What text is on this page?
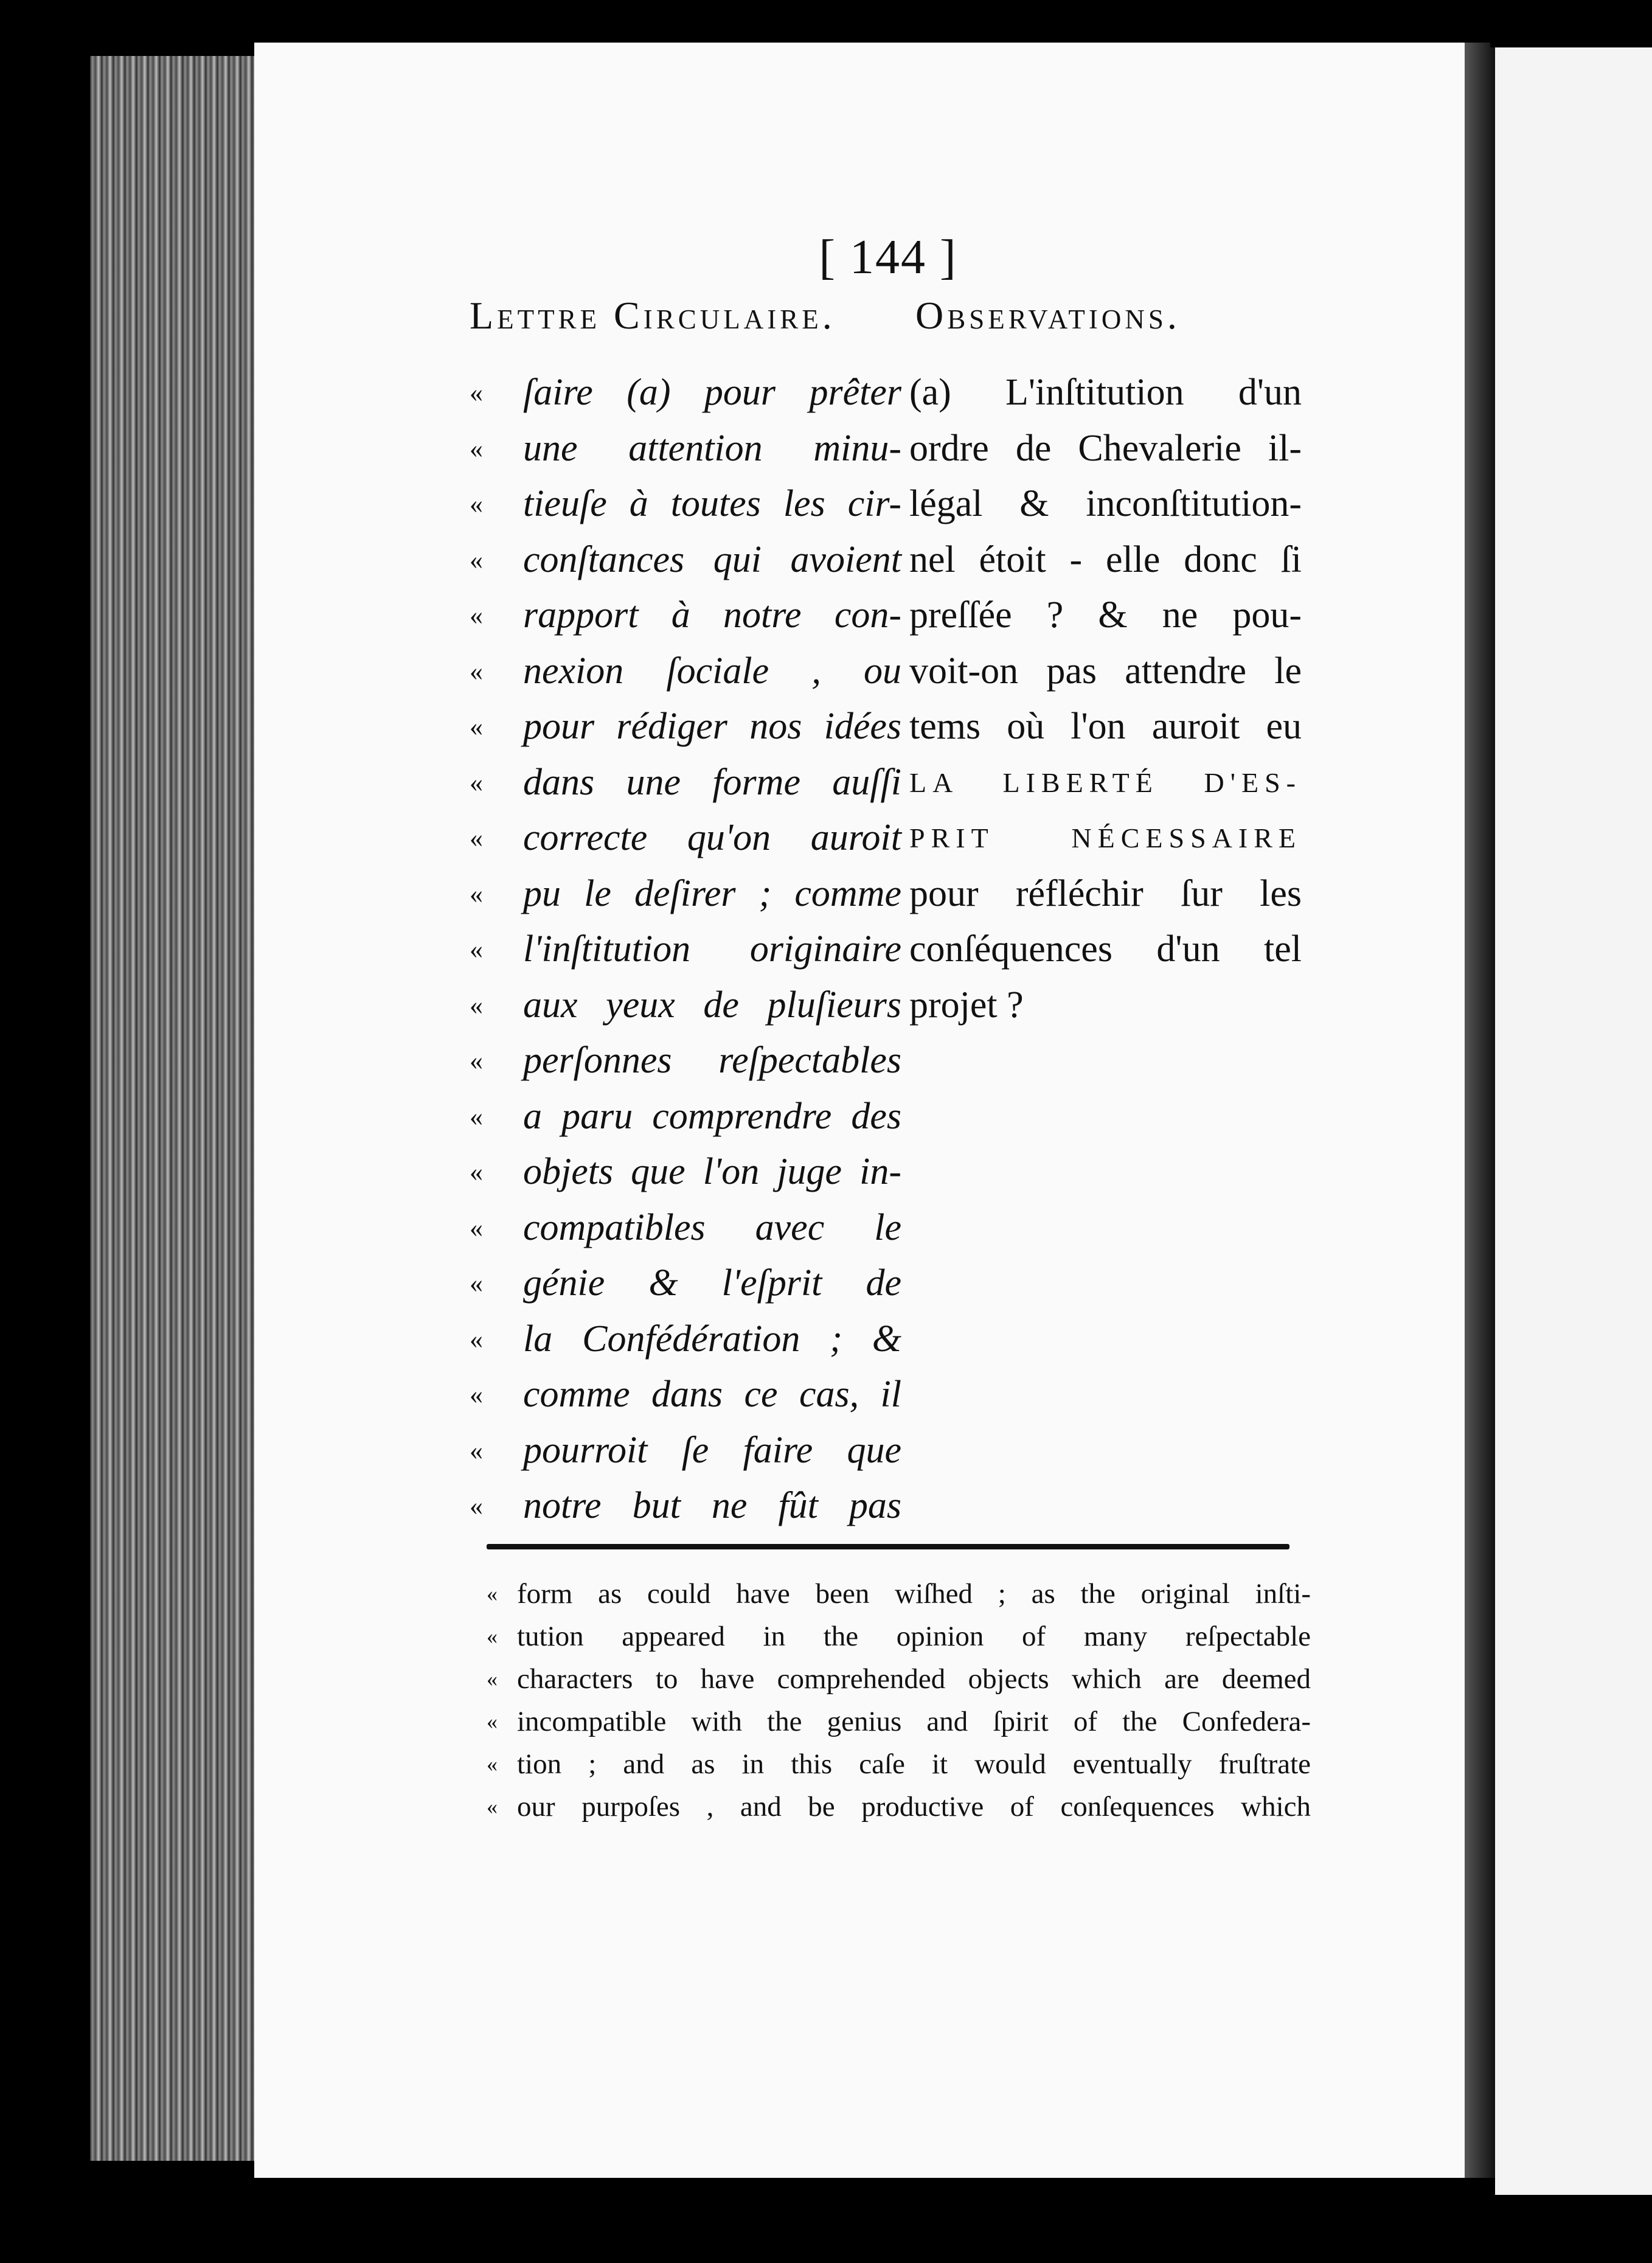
[ 144 ]
Lettre Circulaire. Observations.
« ſaire (a) pour prêter
« une attention minu-
« tieuſe à toutes les cir-
« conſtances qui avoient
« rapport à notre con-
« nexion ſociale , ou
« pour rédiger nos idées
« dans une forme auſſi
« correcte qu'on auroit
« pu le deſirer ; comme
« l'inſtitution originaire
« aux yeux de pluſieurs
« perſonnes reſpectables
« a paru comprendre des
« objets que l'on juge in-
« compatibles avec le
« génie & l'eſprit de
« la Confédération ; &
« comme dans ce cas, il
« pourroit ſe faire que
« notre but ne fût pas
(a) L'inſtitution d'un
ordre de Chevalerie il-
légal & inconſtitution-
nel étoit - elle donc ſi
preſſée ? & ne pou-
voit-on pas attendre le
tems où l'on auroit eu
LA LIBERTÉ D'ES-
PRIT NÉCESSAIRE
pour réfléchir ſur les
conſéquences d'un tel
projet ?
« form as could have been wiſhed ; as the original inſti-
« tution appeared in the opinion of many reſpectable
« characters to have comprehended objects which are deemed
« incompatible with the genius and ſpirit of the Confedera-
« tion ; and as in this caſe it would eventually fruſtrate
« our purpoſes , and be productive of conſequences which
